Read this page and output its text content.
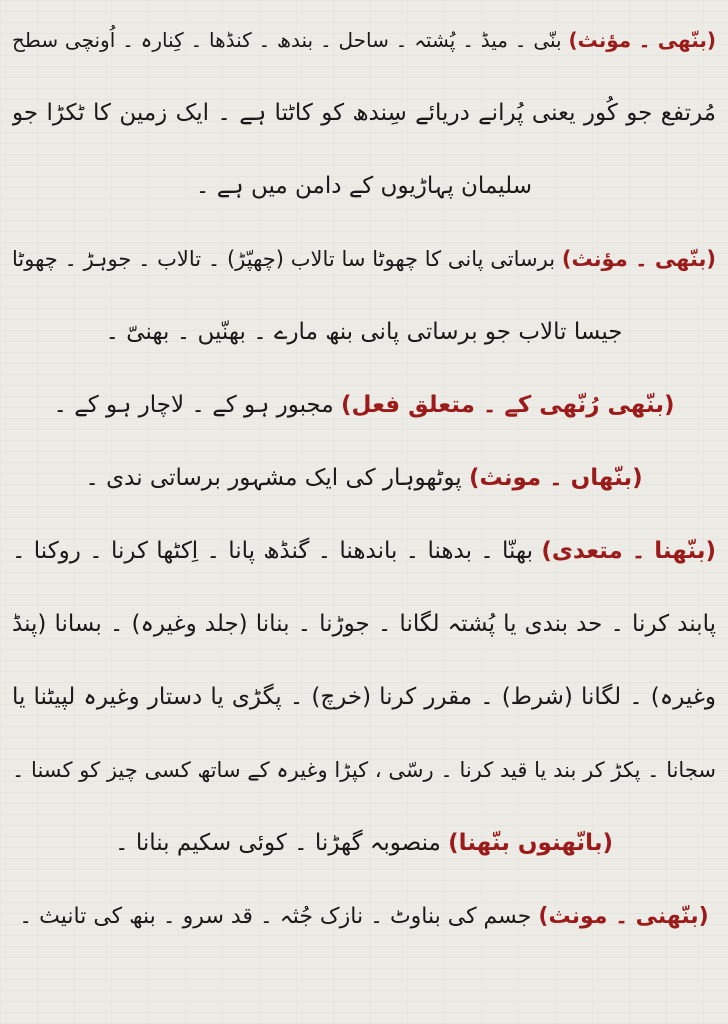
(بنّھی ۔ مؤنث) بنّی ۔ میڈ ۔ پُشتہ ۔ ساحل ۔ بندھ ۔ کنڈھا ۔ کِنارہ ۔ اُونچی سطح
مُرتفع جو کُور یعنی پُرانے دریائے سِندھ کو کاٹتا ہے ۔ ایک زمین کا ٹکڑا جو
سلیمان پہاڑیوں کے دامن میں ہے ۔
(بنّھی ۔ مؤنث) برساتی پانی کا چھوٹا سا تالاب (چھپّڑ) ۔ تالاب ۔ جوہڑ ۔ چھوٹا
جیسا تالاب جو برساتی پانی بنھ مارے ۔ بھنّیں ۔ بھنیّ ۔
(بنّھی رُنّھی کے ۔ متعلق فعل) مجبور ہو کے ۔ لاچار ہو کے ۔
(بنّھاں ۔ مونث) پوٹھوہار کی ایک مشہور برساتی ندی ۔
(بنّھنا ۔ متعدی) بھنّا ۔ بدھنا ۔ باندھنا ۔ گنڈھ پانا ۔ اِکٹھا کرنا ۔ روکنا ۔
پابند کرنا ۔ حد بندی یا پُشتہ لگانا ۔ جوڑنا ۔ بنانا (جلد وغیرہ) ۔ بسانا (پنڈ
وغیرہ) ۔ لگانا (شرط) ۔ مقرر کرنا (خرچ) ۔ پگڑی یا دستار وغیرہ لپیٹنا یا
سجانا ۔ پکڑ کر بند یا قید کرنا ۔ رسّی ، کپڑا وغیرہ کے ساتھ کسی چیز کو کسنا ۔
(بانّھنوں بنّھنا) منصوبہ گھڑنا ۔ کوئی سکیم بنانا ۔
(بنّھنی ۔ مونث) جسم کی بناوٹ ۔ نازک جُثہ ۔ قد سرو ۔ بنھ کی تانیث ۔
